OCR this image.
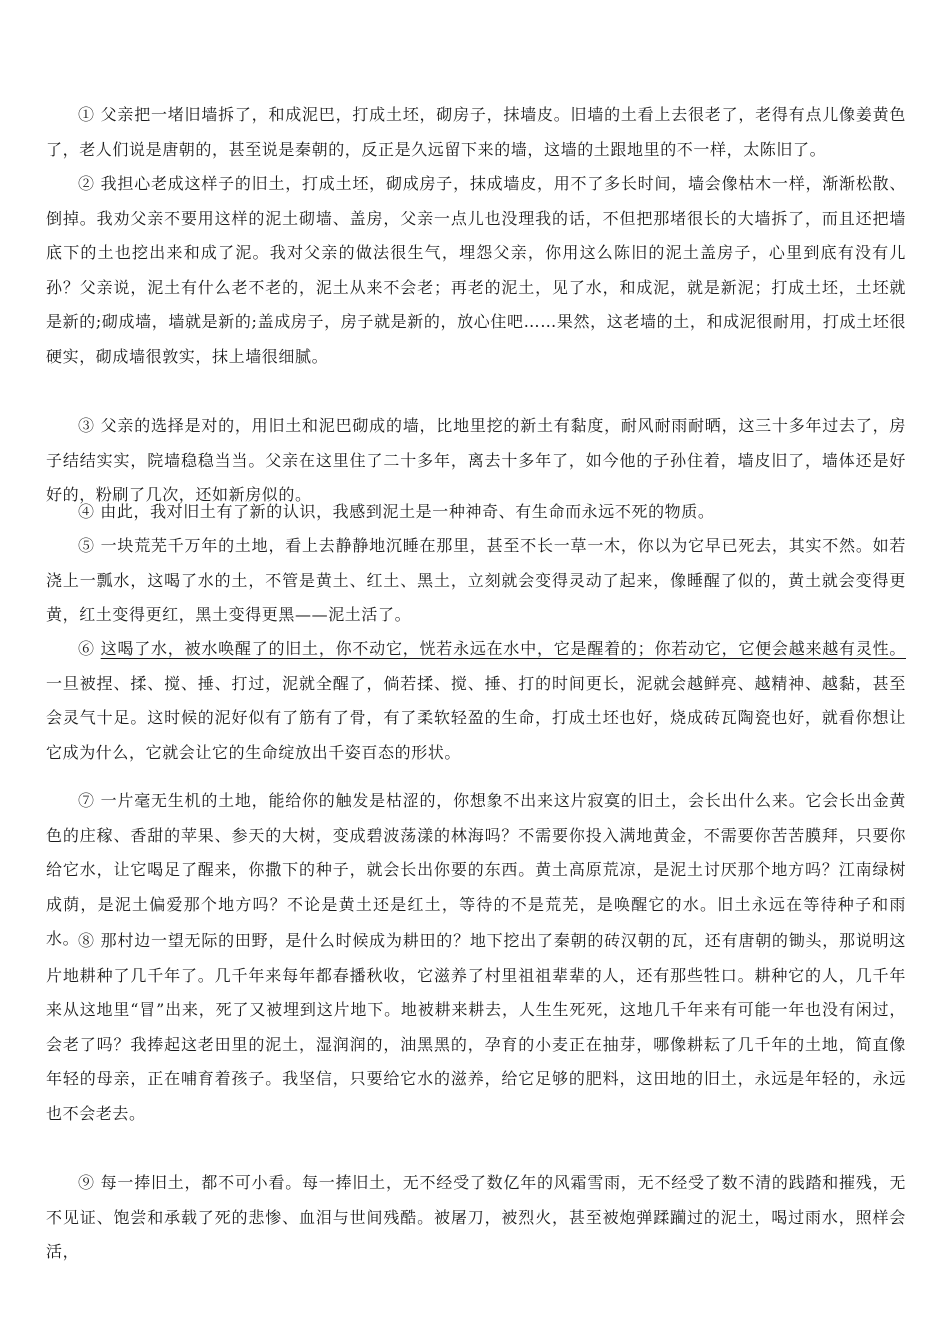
① 父亲把一堵旧墙拆了，和成泥巴，打成土坯，砌房子，抹墙皮。旧墙的土看上去很老了，老得有点儿像姜黄色了，老人们说是唐朝的，甚至说是秦朝的，反正是久远留下来的墙，这墙的土跟地里的不一样，太陈旧了。

② 我担心老成这样子的旧土，打成土坯，砌成房子，抹成墙皮，用不了多长时间，墙会像枯木一样，渐渐松散、倒掉。我劝父亲不要用这样的泥土砌墙、盖房，父亲一点儿也没理我的话，不但把那堵很长的大墙拆了，而且还把墙底下的土也挖出来和成了泥。我对父亲的做法很生气，埋怨父亲，你用这么陈旧的泥土盖房子，心里到底有没有儿孙？父亲说，泥土有什么老不老的，泥土从来不会老；再老的泥土，见了水，和成泥，就是新泥；打成土坯，土坯就是新的;砌成墙，墙就是新的;盖成房子，房子就是新的，放心住吧……果然，这老墙的土，和成泥很耐用，打成土坯很硬实，砌成墙很敦实，抹上墙很细腻。

③ 父亲的选择是对的，用旧土和泥巴砌成的墙，比地里挖的新土有黏度，耐风耐雨耐晒，这三十多年过去了，房子结结实实，院墙稳稳当当。父亲在这里住了二十多年，离去十多年了，如今他的子孙住着，墙皮旧了，墙体还是好好的，粉刷了几次，还如新房似的。

④ 由此，我对旧土有了新的认识，我感到泥土是一种神奇、有生命而永远不死的物质。

⑤ 一块荒芜千万年的土地，看上去静静地沉睡在那里，甚至不长一草一木，你以为它早已死去，其实不然。如若浇上一瓢水，这喝了水的土，不管是黄土、红土、黑土，立刻就会变得灵动了起来，像睡醒了似的，黄土就会变得更黄，红土变得更红，黑土变得更黑——泥土活了。

⑥ 这喝了水，被水唤醒了的旧土，你不动它，恍若永远在水中，它是醒着的；你若动它，它便会越来越有灵性。一旦被捏、揉、搅、捶、打过，泥就全醒了，倘若揉、搅、捶、打的时间更长，泥就会越鲜亮、越精神、越黏，甚至会灵气十足。这时候的泥好似有了筋有了骨，有了柔软轻盈的生命，打成土坯也好，烧成砖瓦陶瓷也好，就看你想让它成为什么，它就会让它的生命绽放出千姿百态的形状。

⑦ 一片毫无生机的土地，能给你的触发是枯涩的，你想象不出来这片寂寞的旧土，会长出什么来。它会长出金黄色的庄稼、香甜的苹果、参天的大树，变成碧波荡漾的林海吗？不需要你投入满地黄金，不需要你苦苦膜拜，只要你给它水，让它喝足了醒来，你撒下的种子，就会长出你要的东西。黄土高原荒凉，是泥土讨厌那个地方吗？江南绿树成荫，是泥土偏爱那个地方吗？不论是黄土还是红土，等待的不是荒芜，是唤醒它的水。旧土永远在等待种子和雨水。

⑧ 那村边一望无际的田野，是什么时候成为耕田的？地下挖出了秦朝的砖汉朝的瓦，还有唐朝的锄头，那说明这片地耕种了几千年了。几千年来每年都春播秋收，它滋养了村里祖祖辈辈的人，还有那些牲口。耕种它的人，几千年来从这地里“冒”出来，死了又被埋到这片地下。地被耕来耕去，人生生死死，这地几千年来有可能一年也没有闲过，会老了吗？我捧起这老田里的泥土，湿润润的，油黑黑的，孕育的小麦正在抽芽，哪像耕耘了几千年的土地，简直像年轻的母亲，正在哺育着孩子。我坚信，只要给它水的滋养，给它足够的肥料，这田地的旧土，永远是年轻的，永远也不会老去。

⑨ 每一捧旧土，都不可小看。每一捧旧土，无不经受了数亿年的风霜雪雨，无不经受了数不清的践踏和摧残，无不见证、饱尝和承载了死的悲惨、血泪与世间残酷。被屠刀，被烈火，甚至被炮弹蹂躏过的泥土，喝过雨水，照样会活，
